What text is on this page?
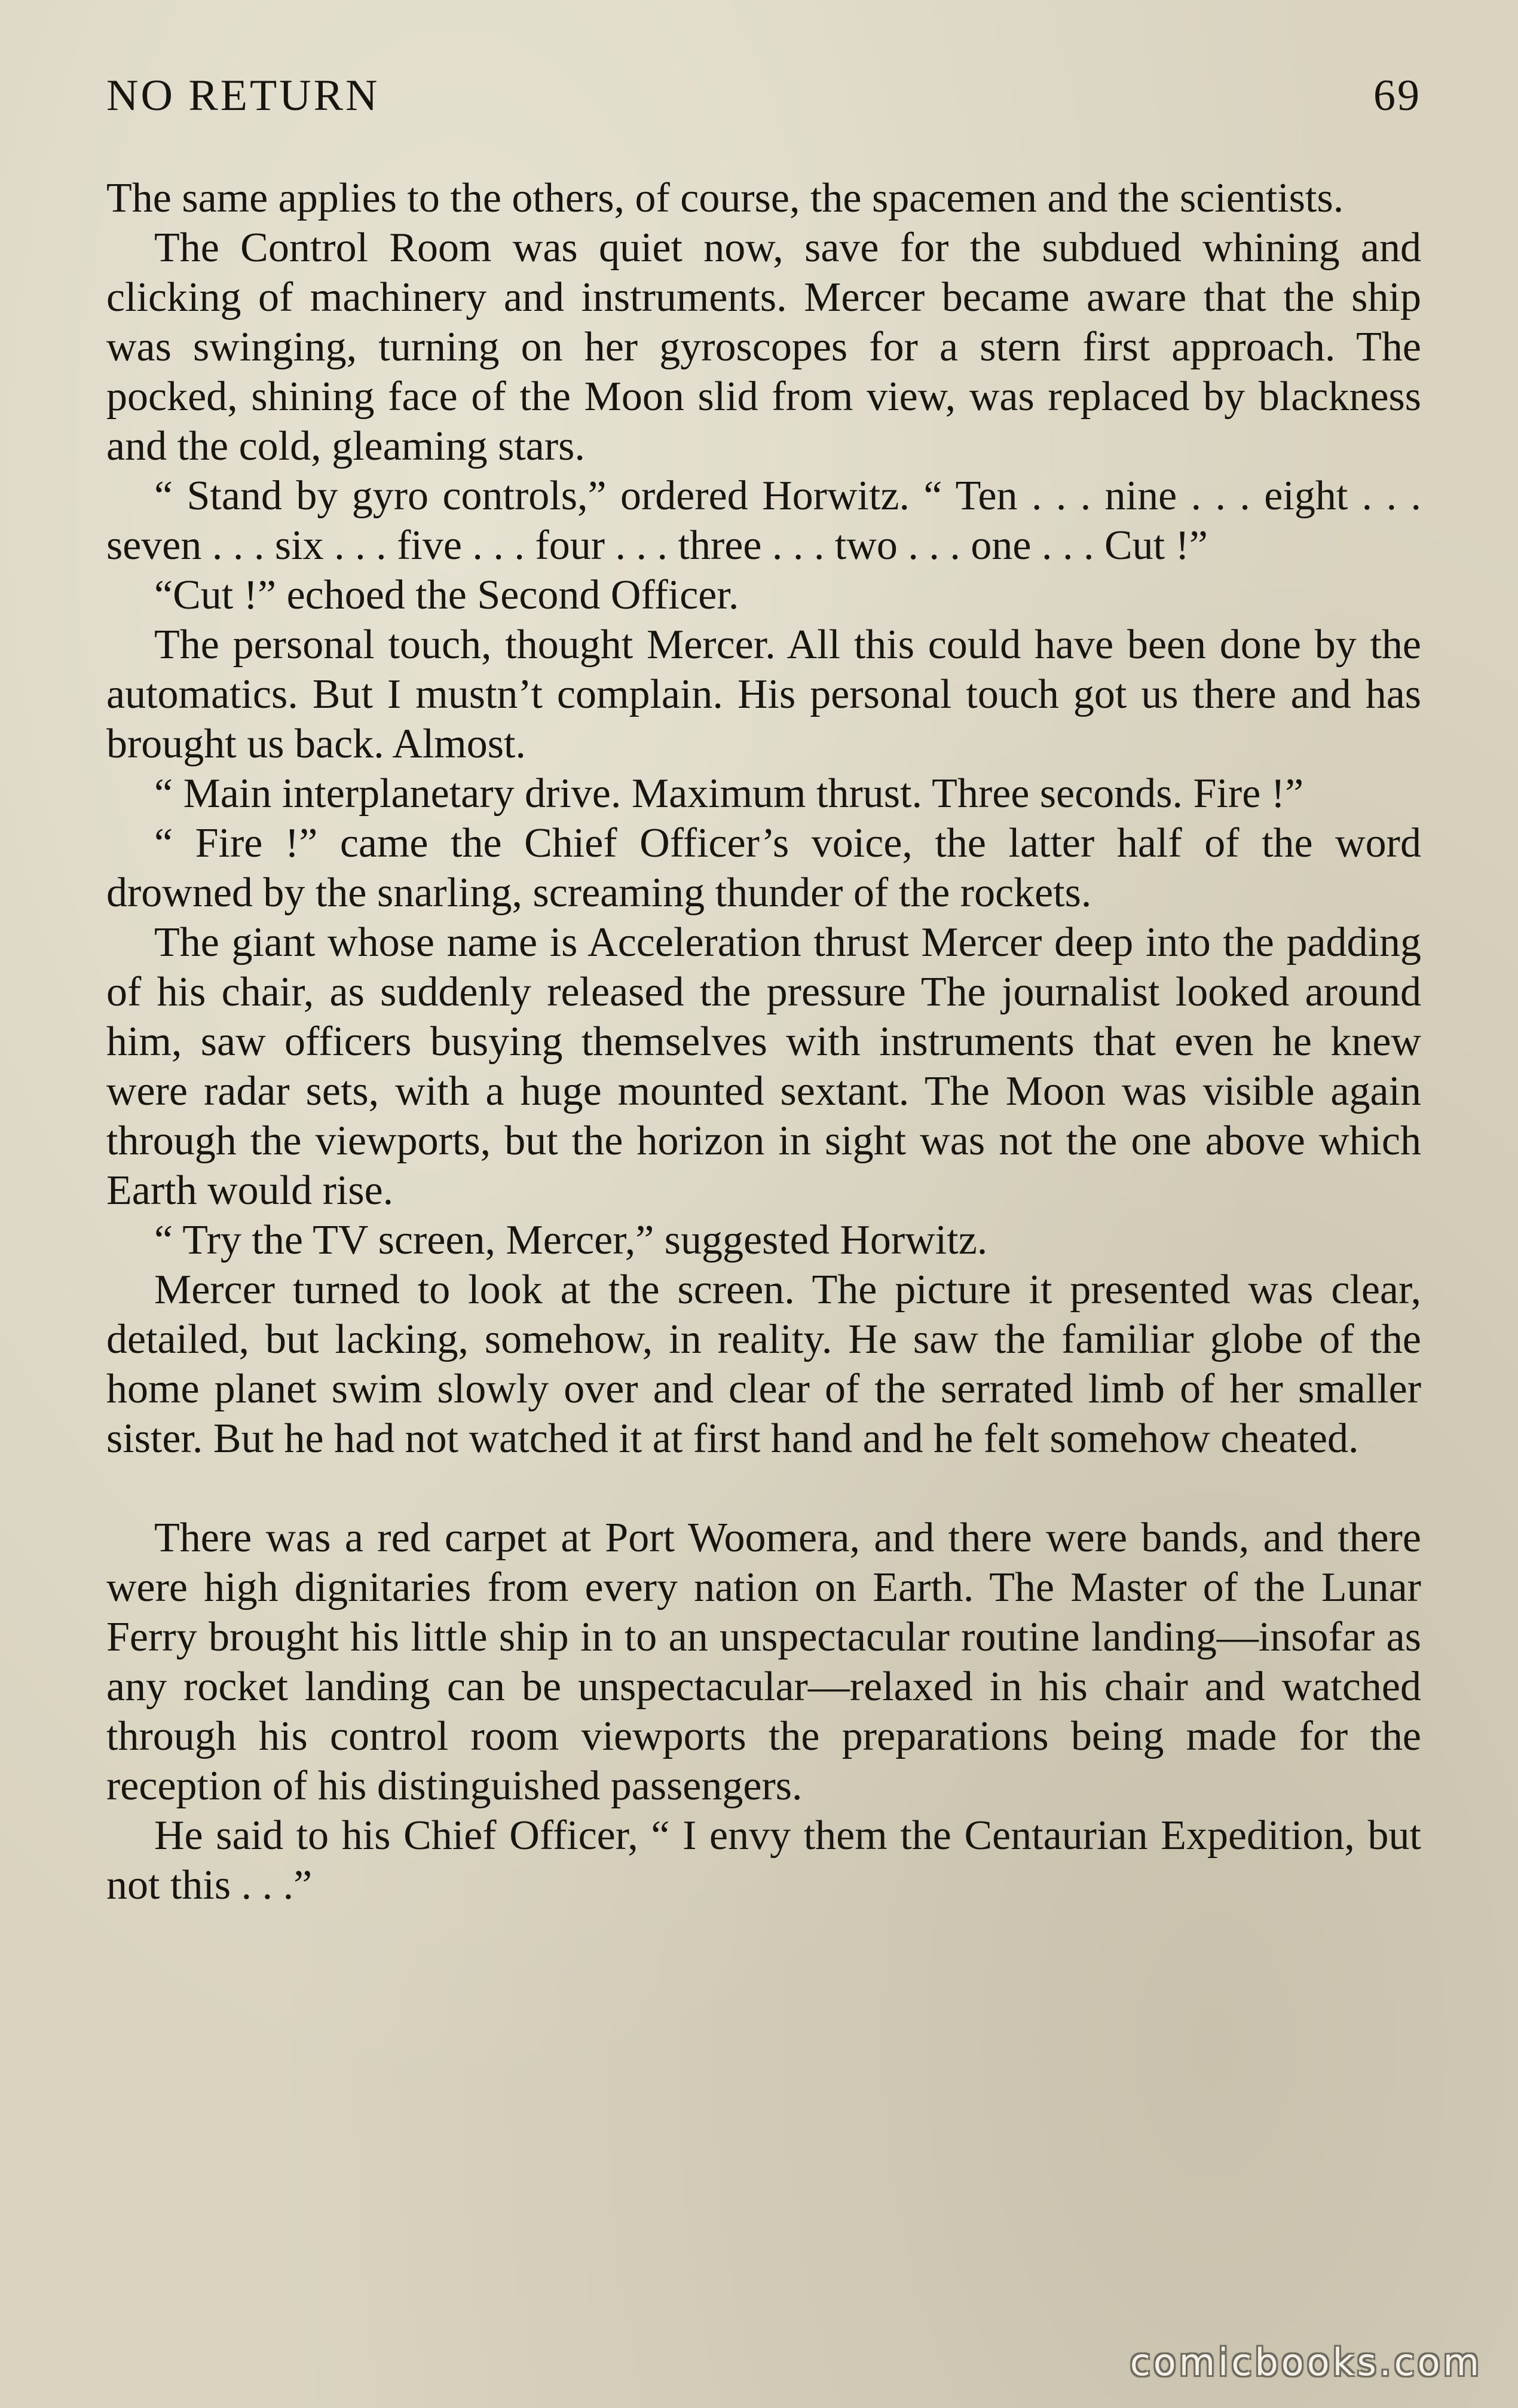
NO RETURN	69

The same applies to the others, of course, the spacemen and the scientists.

The Control Room was quiet now, save for the subdued whining and clicking of machinery and instruments. Mercer became aware that the ship was swinging, turning on her gyroscopes for a stern first approach. The pocked, shining face of the Moon slid from view, was replaced by blackness and the cold, gleaming stars.

“ Stand by gyro controls,” ordered Horwitz. “ Ten . . . nine . . . eight . . . seven . . . six . . . five . . . four . . . three . . . two . . . one . . . Cut !”

“Cut !” echoed the Second Officer.

The personal touch, thought Mercer. All this could have been done by the automatics. But I mustn’t complain. His personal touch got us there and has brought us back. Almost.

“ Main interplanetary drive. Maximum thrust. Three seconds. Fire !”

“ Fire !” came the Chief Officer’s voice, the latter half of the word drowned by the snarling, screaming thunder of the rockets.

The giant whose name is Acceleration thrust Mercer deep into the padding of his chair, as suddenly released the pressure The journalist looked around him, saw officers busying themselves with instruments that even he knew were radar sets, with a huge mounted sextant. The Moon was visible again through the viewports, but the horizon in sight was not the one above which Earth would rise.

“ Try the TV screen, Mercer,” suggested Horwitz.

Mercer turned to look at the screen. The picture it presented was clear, detailed, but lacking, somehow, in reality. He saw the familiar globe of the home planet swim slowly over and clear of the serrated limb of her smaller sister. But he had not watched it at first hand and he felt somehow cheated.

There was a red carpet at Port Woomera, and there were bands, and there were high dignitaries from every nation on Earth. The Master of the Lunar Ferry brought his little ship in to an unspectacular routine landing—insofar as any rocket landing can be unspectacular—relaxed in his chair and watched through his control room viewports the preparations being made for the reception of his distinguished passengers.

He said to his Chief Officer, “ I envy them the Centaurian Expedition, but not this . . .”

comicbooks.com
